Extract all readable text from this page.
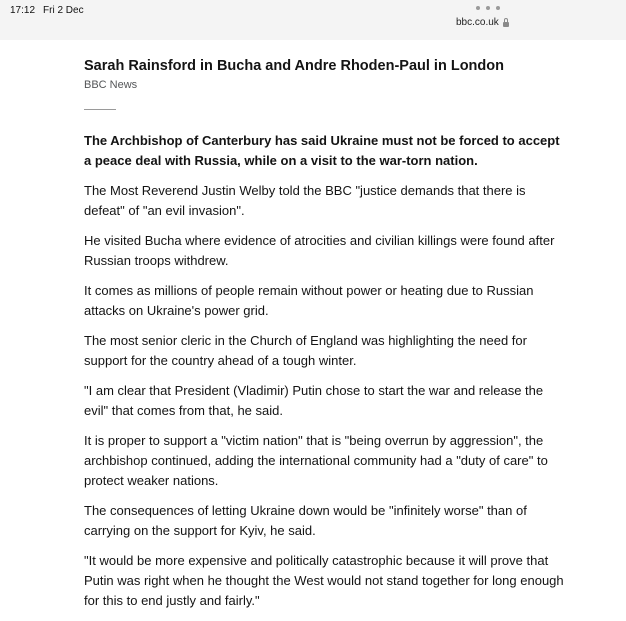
17:12 Fri 2 Dec
bbc.co.uk
Sarah Rainsford in Bucha and Andre Rhoden-Paul in London
BBC News

The Archbishop of Canterbury has said Ukraine must not be forced to accept a peace deal with Russia, while on a visit to the war-torn nation.

The Most Reverend Justin Welby told the BBC "justice demands that there is defeat" of "an evil invasion".

He visited Bucha where evidence of atrocities and civilian killings were found after Russian troops withdrew.

It comes as millions of people remain without power or heating due to Russian attacks on Ukraine's power grid.

The most senior cleric in the Church of England was highlighting the need for support for the country ahead of a tough winter.

"I am clear that President (Vladimir) Putin chose to start the war and release the evil" that comes from that, he said.

It is proper to support a "victim nation" that is "being overrun by aggression", the archbishop continued, adding the international community had a "duty of care" to protect weaker nations.

The consequences of letting Ukraine down would be "infinitely worse" than of carrying on the support for Kyiv, he said.

"It would be more expensive and politically catastrophic because it will prove that Putin was right when he thought the West would not stand together for long enough for this to end justly and fairly."
